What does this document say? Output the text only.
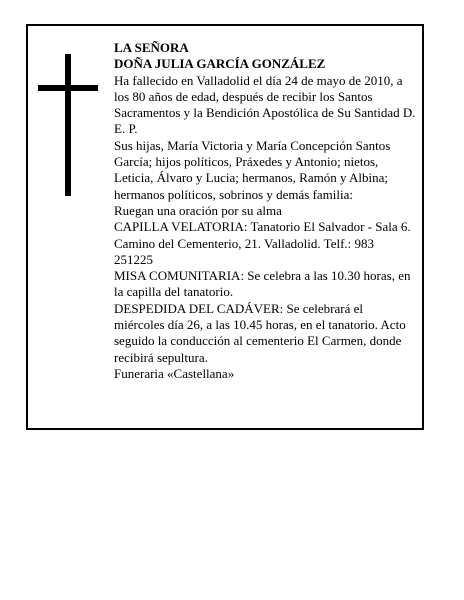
LA SEÑORA

DOÑA JULIA GARCÍA GONZÁLEZ

Ha fallecido en Valladolid el día 24 de mayo de 2010, a los 80 años de edad, después de recibir los Santos Sacramentos y la Bendición Apostólica de Su Santidad D. E. P.

Sus hijas, María Victoria y María Concepción Santos García; hijos políticos, Práxedes y Antonio; nietos, Leticia, Álvaro y Lucia; hermanos, Ramón y Albina; hermanos políticos, sobrinos y demás familia:

Ruegan una oración por su alma

CAPILLA VELATORIA: Tanatorio El Salvador - Sala 6.

Camino del Cementerio, 21. Valladolid. Telf.: 983 251225

MISA COMUNITARIA: Se celebra a las 10.30 horas, en la capilla del tanatorio.

DESPEDIDA DEL CADÁVER: Se celebrará el miércoles día 26, a las 10.45 horas, en el tanatorio. Acto seguido la conducción al cementerio El Carmen, donde recibirá sepultura.

Funeraria «Castellana»
